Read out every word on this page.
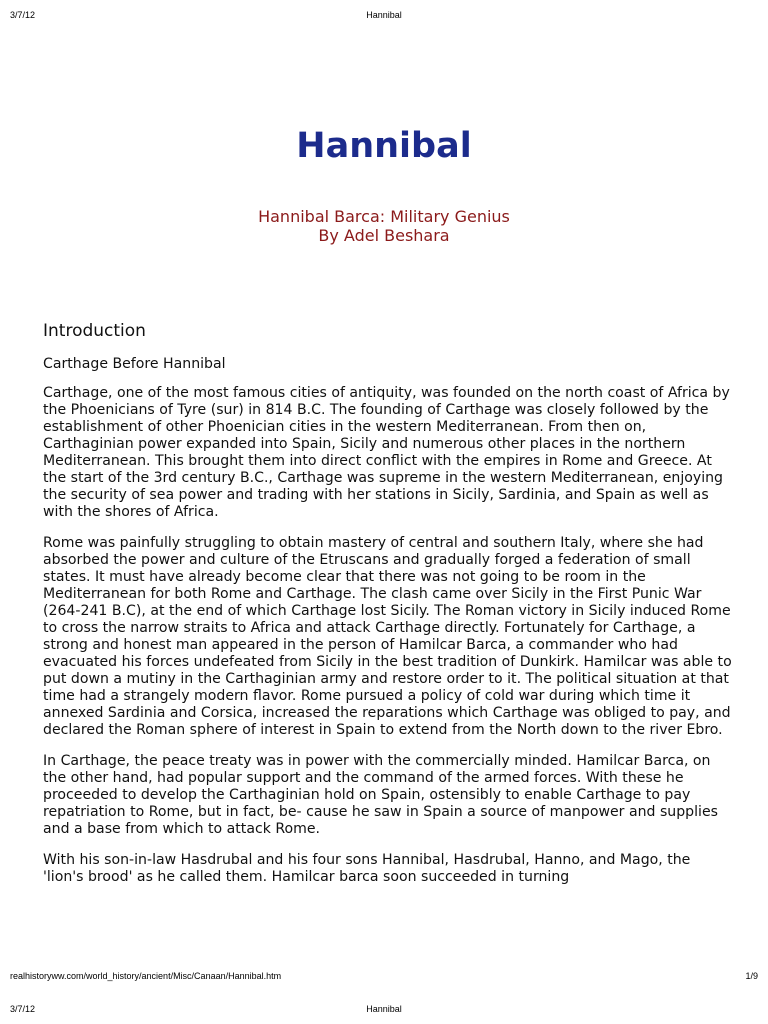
3/7/12	Hannibal
Hannibal
Hannibal Barca: Military Genius
By Adel Beshara
Introduction
Carthage Before Hannibal

Carthage, one of the most famous cities of antiquity, was founded on the north coast of Africa by the Phoenicians of Tyre (sur) in 814 B.C. The founding of Carthage was closely followed by the establishment of other Phoenician cities in the western Mediterranean. From then on, Carthaginian power expanded into Spain, Sicily and numerous other places in the northern Mediterranean. This brought them into direct conflict with the empires in Rome and Greece. At the start of the 3rd century B.C., Carthage was supreme in the western Mediterranean, enjoying the security of sea power and trading with her stations in Sicily, Sardinia, and Spain as well as with the shores of Africa.

Rome was painfully struggling to obtain mastery of central and southern Italy, where she had absorbed the power and culture of the Etruscans and gradually forged a federation of small states. It must have already become clear that there was not going to be room in the Mediterranean for both Rome and Carthage. The clash came over Sicily in the First Punic War (264-241 B.C), at the end of which Carthage lost Sicily. The Roman victory in Sicily induced Rome to cross the narrow straits to Africa and attack Carthage directly. Fortunately for Carthage, a strong and honest man appeared in the person of Hamilcar Barca, a commander who had evacuated his forces undefeated from Sicily in the best tradition of Dunkirk. Hamilcar was able to put down a mutiny in the Carthaginian army and restore order to it. The political situation at that time had a strangely modern flavor. Rome pursued a policy of cold war during which time it annexed Sardinia and Corsica, increased the reparations which Carthage was obliged to pay, and declared the Roman sphere of interest in Spain to extend from the North down to the river Ebro.

In Carthage, the peace treaty was in power with the commercially minded. Hamilcar Barca, on the other hand, had popular support and the command of the armed forces. With these he proceeded to develop the Carthaginian hold on Spain, ostensibly to enable Carthage to pay repatriation to Rome, but in fact, be- cause he saw in Spain a source of manpower and supplies and a base from which to attack Rome.

With his son-in-law Hasdrubal and his four sons Hannibal, Hasdrubal, Hanno, and Mago, the 'lion's brood' as he called them. Hamilcar barca soon succeeded in turning

realhistoryww.com/world_history/ancient/Misc/Canaan/Hannibal.htm	1/9
3/7/12	Hannibal
